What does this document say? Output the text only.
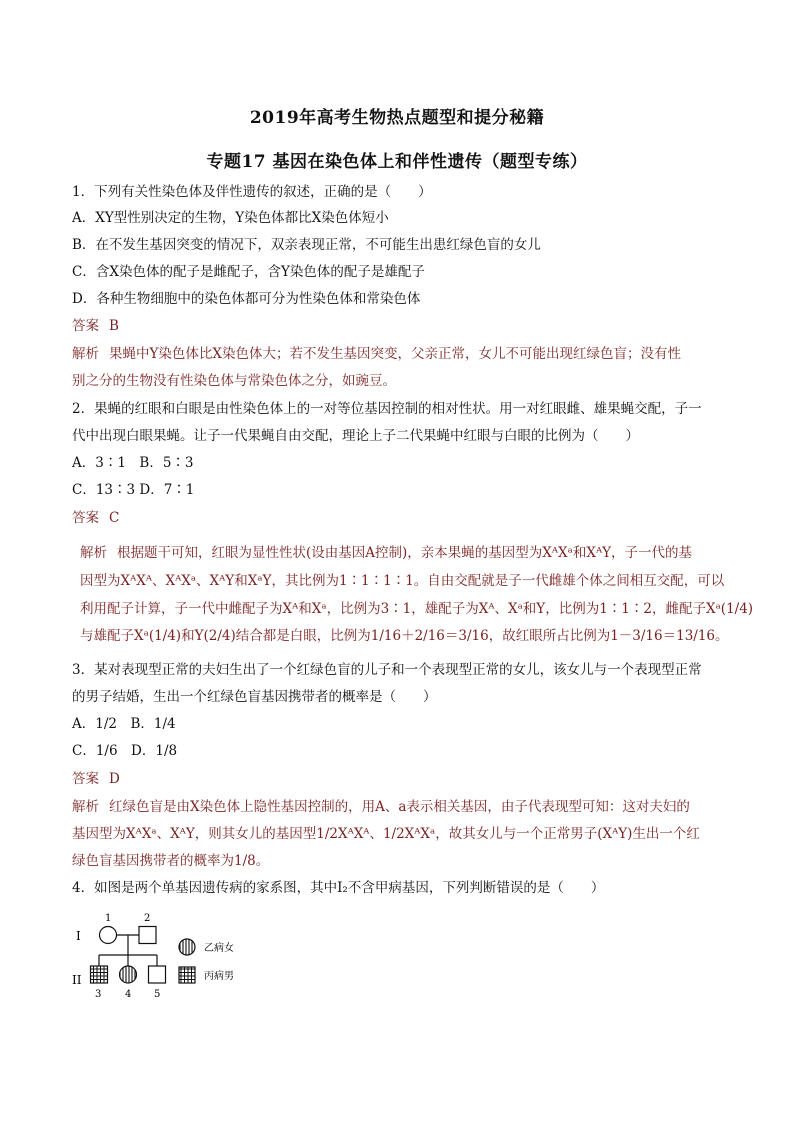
2019年高考生物热点题型和提分秘籍
专题17 基因在染色体上和伴性遗传（题型专练）
1．下列有关性染色体及伴性遗传的叙述，正确的是（　　）
A．XY型性别决定的生物，Y染色体都比X染色体短小
B．在不发生基因突变的情况下，双亲表现正常，不可能生出患红绿色盲的女儿
C．含X染色体的配子是雌配子，含Y染色体的配子是雄配子
D．各种生物细胞中的染色体都可分为性染色体和常染色体
答案 B
解析 果蝇中Y染色体比X染色体大；若不发生基因突变，父亲正常，女儿不可能出现红绿色盲；没有性
别之分的生物没有性染色体与常染色体之分，如豌豆。
2．果蝇的红眼和白眼是由性染色体上的一对等位基因控制的相对性状。用一对红眼雌、雄果蝇交配，子一
代中出现白眼果蝇。让子一代果蝇自由交配，理论上子二代果蝇中红眼与白眼的比例为（　　）
A．3∶1　B．5∶3
C．13∶3 D．7∶1
答案 C
解析 根据题干可知，红眼为显性性状(设由基因A控制)，亲本果蝇的基因型为XᴬXᵃ和XᴬY，子一代的基
因型为XᴬXᴬ、XᴬXᵃ、XᴬY和XᵃY，其比例为1∶1∶1∶1。自由交配就是子一代雌雄个体之间相互交配，可以
利用配子计算，子一代中雌配子为Xᴬ和Xᵃ，比例为3∶1，雄配子为Xᴬ、Xᵃ和Y，比例为1∶1∶2，雌配子Xᵃ(1/4)
与雄配子Xᵃ(1/4)和Y(2/4)结合都是白眼，比例为1/16＋2/16＝3/16，故红眼所占比例为1－3/16＝13/16。
3．某对表现型正常的夫妇生出了一个红绿色盲的儿子和一个表现型正常的女儿，该女儿与一个表现型正常
的男子结婚，生出一个红绿色盲基因携带者的概率是（　　）
A．1/2　B．1/4
C．1/6　D．1/8
答案 D
解析 红绿色盲是由X染色体上隐性基因控制的，用A、a表示相关基因，由子代表现型可知：这对夫妇的
基因型为XᴬXᵃ、XᴬY，则其女儿的基因型1/2XᴬXᴬ、1/2XᴬXᵃ，故其女儿与一个正常男子(XᴬY)生出一个红
绿色盲基因携带者的概率为1/8。
4．如图是两个单基因遗传病的家系图，其中Ⅰ₂不含甲病基因，下列判断错误的是（　　）
I
II
1	2
3 4 5
乙病女
丙病男
